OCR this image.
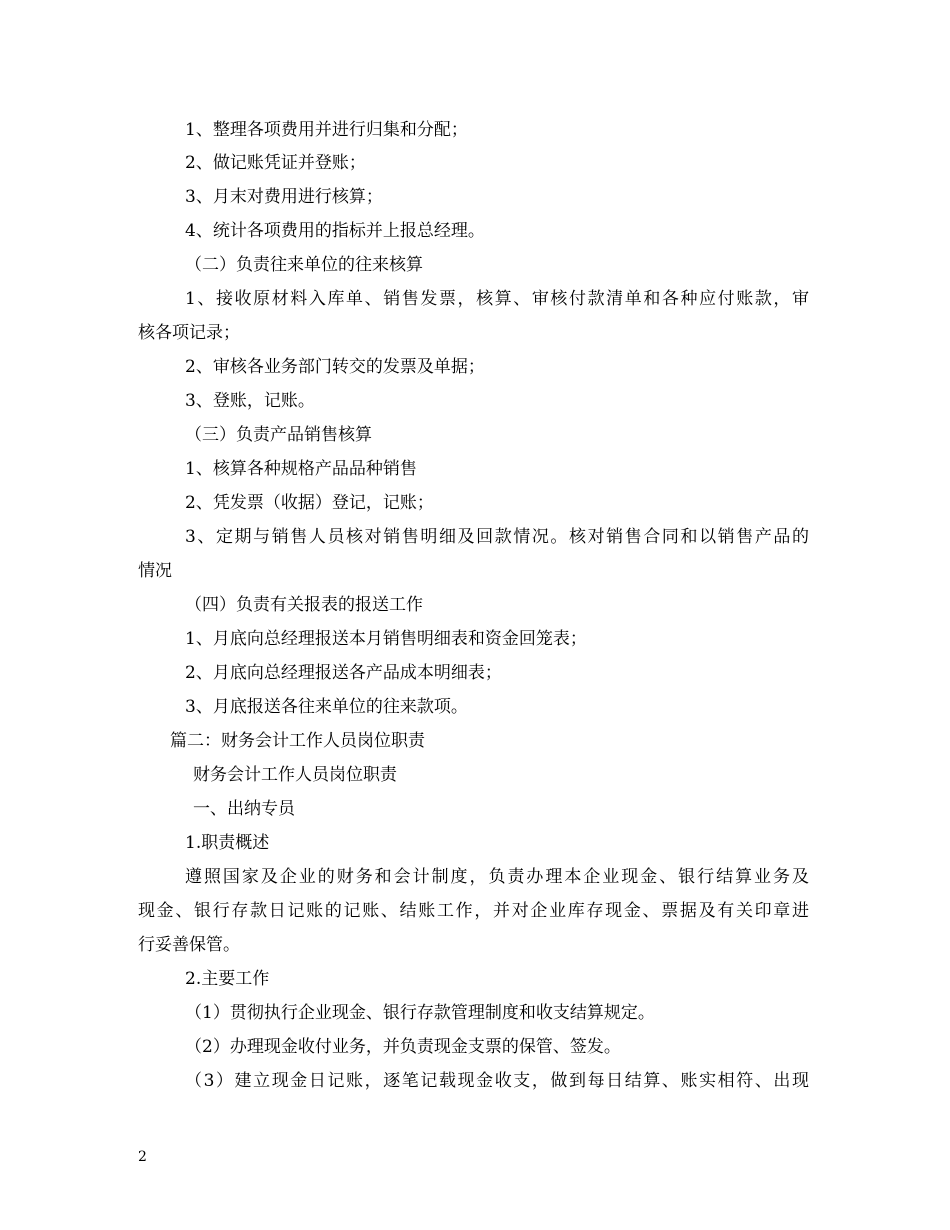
1、整理各项费用并进行归集和分配；
2、做记账凭证并登账；
3、月末对费用进行核算；
4、统计各项费用的指标并上报总经理。
（二）负责往来单位的往来核算
1、接收原材料入库单、销售发票，核算、审核付款清单和各种应付账款，审
核各项记录；
2、审核各业务部门转交的发票及单据；
3、登账，记账。
（三）负责产品销售核算
1、核算各种规格产品品种销售
2、凭发票（收据）登记，记账；
3、定期与销售人员核对销售明细及回款情况。核对销售合同和以销售产品的
情况
（四）负责有关报表的报送工作
1、月底向总经理报送本月销售明细表和资金回笼表；
2、月底向总经理报送各产品成本明细表；
3、月底报送各往来单位的往来款项。
篇二：财务会计工作人员岗位职责
财务会计工作人员岗位职责
一、出纳专员
1.职责概述
遵照国家及企业的财务和会计制度，负责办理本企业现金、银行结算业务及
现金、银行存款日记账的记账、结账工作，并对企业库存现金、票据及有关印章进
行妥善保管。
2.主要工作
（1）贯彻执行企业现金、银行存款管理制度和收支结算规定。
（2）办理现金收付业务，并负责现金支票的保管、签发。
（3）建立现金日记账，逐笔记载现金收支，做到每日结算、账实相符、出现
2
